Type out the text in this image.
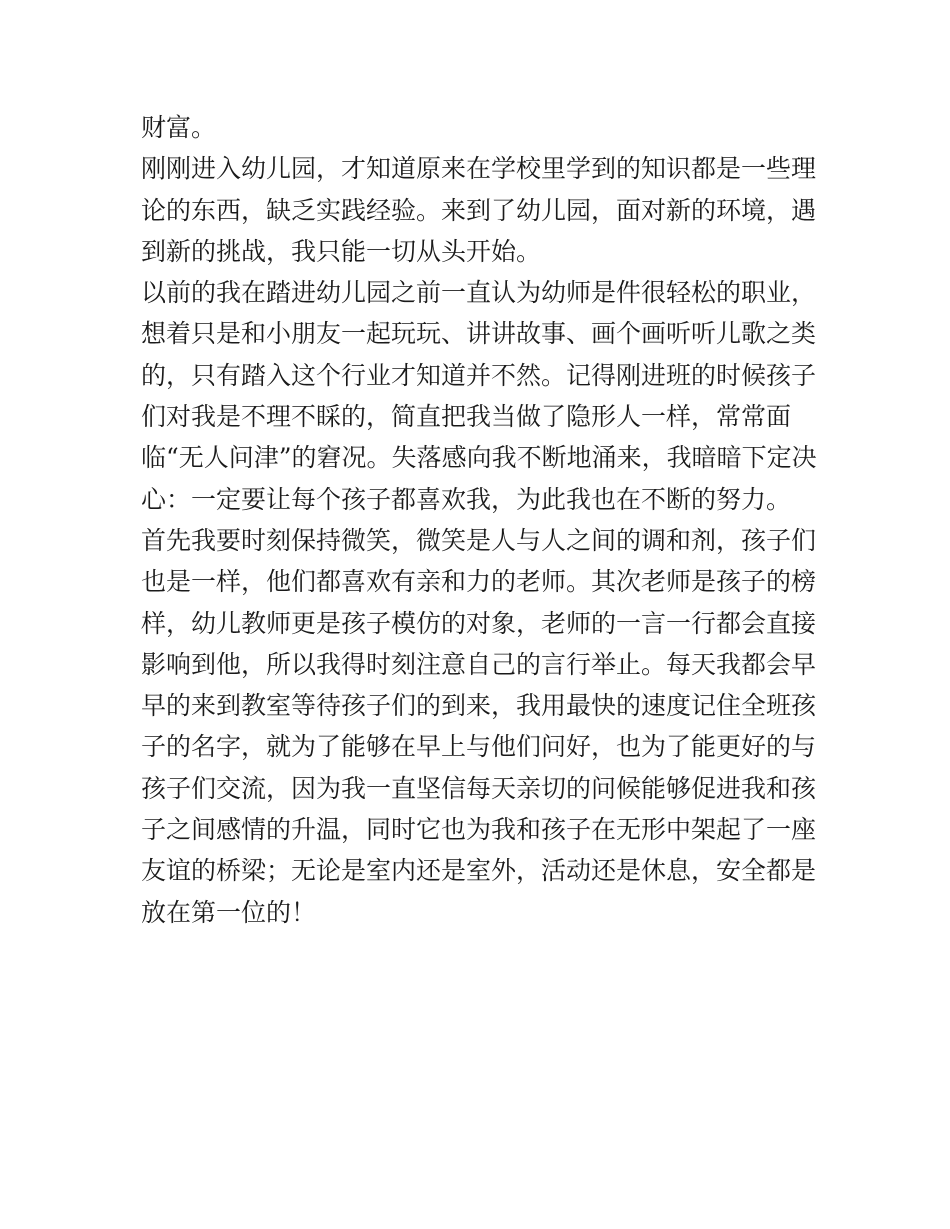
财富。
刚刚进入幼儿园，才知道原来在学校里学到的知识都是一些理
论的东西，缺乏实践经验。来到了幼儿园，面对新的环境，遇
到新的挑战，我只能一切从头开始。
以前的我在踏进幼儿园之前一直认为幼师是件很轻松的职业，
想着只是和小朋友一起玩玩、讲讲故事、画个画听听儿歌之类
的，只有踏入这个行业才知道并不然。记得刚进班的时候孩子
们对我是不理不睬的，简直把我当做了隐形人一样，常常面
临“无人问津”的窘况。失落感向我不断地涌来，我暗暗下定决
心：一定要让每个孩子都喜欢我，为此我也在不断的努力。
首先我要时刻保持微笑，微笑是人与人之间的调和剂，孩子们
也是一样，他们都喜欢有亲和力的老师。其次老师是孩子的榜
样，幼儿教师更是孩子模仿的对象，老师的一言一行都会直接
影响到他，所以我得时刻注意自己的言行举止。每天我都会早
早的来到教室等待孩子们的到来，我用最快的速度记住全班孩
子的名字，就为了能够在早上与他们问好，也为了能更好的与
孩子们交流，因为我一直坚信每天亲切的问候能够促进我和孩
子之间感情的升温，同时它也为我和孩子在无形中架起了一座
友谊的桥梁；无论是室内还是室外，活动还是休息，安全都是
放在第一位的！
